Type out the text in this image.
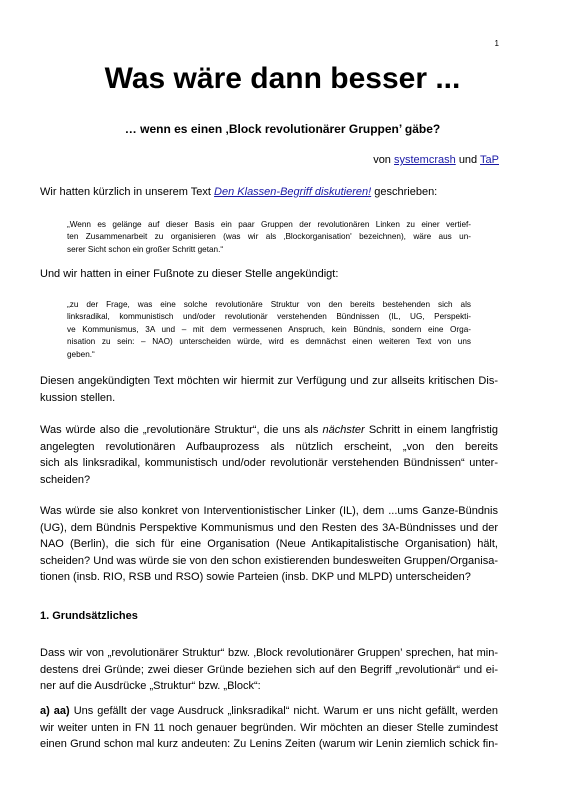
1
Was wäre dann besser ...
… wenn es einen ‚Block revolutionärer Gruppen’ gäbe?
von systemcrash und TaP

Wir hatten kürzlich in unserem Text Den Klassen-Begriff diskutieren! geschrieben:

„Wenn es gelänge auf dieser Basis ein paar Gruppen der revolutionären Linken zu einer vertief-
ten Zusammenarbeit zu organisieren (was wir als ‚Blockorganisation' bezeichnen), wäre aus un-
serer Sicht schon ein großer Schritt getan.“

Und wir hatten in einer Fußnote zu dieser Stelle angekündigt:

„zu der Frage, was eine solche revolutionäre Struktur von den bereits bestehenden sich als
linksradikal, kommunistisch und/oder revolutionär verstehenden Bündnissen (IL, UG, Perspekti-
ve Kommunismus, 3A und – mit dem vermessenen Anspruch, kein Bündnis, sondern eine Orga-
nisation zu sein: – NAO) unterscheiden würde, wird es demnächst einen weiteren Text von uns
geben.“

Diesen angekündigten Text möchten wir hiermit zur Verfügung und zur allseits kritischen Dis-
kussion stellen.

Was würde also die „revolutionäre Struktur“, die uns als nächster Schritt in einem langfristig
angelegten revolutionären Aufbauprozess als nützlich erscheint, „von den bereits
sich als linksradikal, kommunistisch und/oder revolutionär verstehenden Bündnissen“ unter-
scheiden?

Was würde sie also konkret von Interventionistischer Linker (IL), dem ...ums Ganze-Bündnis
(UG), dem Bündnis Perspektive Kommunismus und den Resten des 3A-Bündnisses und der
NAO (Berlin), die sich für eine Organisation (Neue Antikapitalistische Organisation) hält,
scheiden? Und was würde sie von den schon existierenden bundesweiten Gruppen/Organisa-
tionen (insb. RIO, RSB und RSO) sowie Parteien (insb. DKP und MLPD) unterscheiden?

1. Grundsätzliches

Dass wir von „revolutionärer Struktur“ bzw. ‚Block revolutionärer Gruppen’ sprechen, hat min-
destens drei Gründe; zwei dieser Gründe beziehen sich auf den Begriff „revolutionär“ und ei-
ner auf die Ausdrücke „Struktur“ bzw. „Block“:

a) aa) Uns gefällt der vage Ausdruck „linksradikal“ nicht. Warum er uns nicht gefällt, werden
wir weiter unten in FN 11 noch genauer begründen. Wir möchten an dieser Stelle zumindest
einen Grund schon mal kurz andeuten: Zu Lenins Zeiten (warum wir Lenin ziemlich schick fin-
